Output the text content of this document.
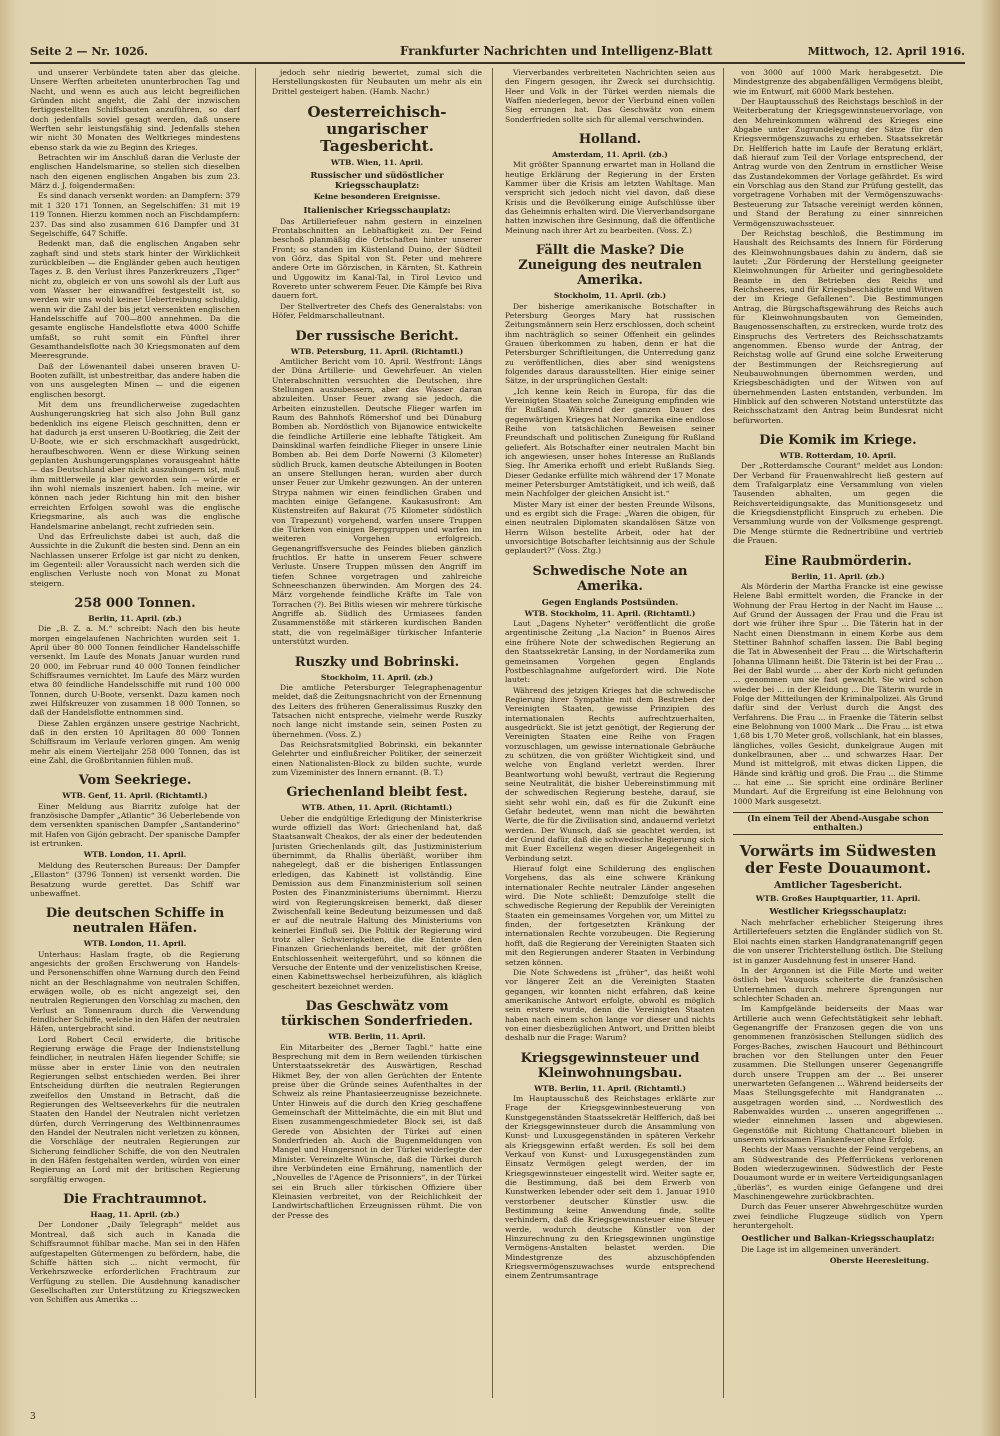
Seite 2 — Nr. 102б.	Frankfurter Nachrichten und Intelligenz-Blatt	Mittwoch, 12. April 1916.

und unserer Verbündete taten aber das gleiche. Unsere Werften arbeiteten ununterbrochen Tag und Nacht, und wenn es auch aus leicht begreiflichen Gründen nicht angeht, die Zahl der inzwischen fertiggestellten Schiffsbauten anzuführen, so darf doch jedenfalls soviel gesagt werden, daß unsere Werften sehr leistungsfähig sind. Jedenfalls stehen wir nicht 30 Monaten des Weltkrieges mindestens ebenso stark da wie zu Beginn des Krieges.

Betrachten wir im Anschluß daran die Verluste der englischen Handelsmarine, so stellen sich dieselben nach den eigenen englischen Angaben bis zum 23. März d. J. folgendermaßen:

Es sind danach versenkt worden: an Dampfern: 379 mit 1 320 171 Tonnen, an Segelschiffen: 31 mit 19 119 Tonnen. Hierzu kommen noch an Fischdampfern: 237. Das sind also zusammen 616 Dampfer und 31 Segelschiffe, 647 Schiffe.

Bedenkt man, daß die englischen Angaben sehr zaghaft sind und stets stark hinter der Wirklichkeit zurückbleiben — die Engländer geben auch heutigen Tages z. B. den Verlust ihres Panzerkreuzers „Tiger“ nicht zu, obgleich er von uns sowohl als der Luft aus vom Wasser her einwandfrei festgestellt ist, so werden wir uns wohl keiner Uebertreibung schuldig, wenn wir die Zahl der bis jetzt versenkten englischen Handelsschiffe auf 700—800 annehmen. Da die gesamte englische Handelsflotte etwa 4000 Schiffe umfaßt, so ruht somit ein Fünftel ihrer Gesamthandelsflotte nach 30 Kriegsmonaten auf dem Meeresgrunde.

Daß der Löwenanteil dabei unseren braven U-Booten zufällt, ist unbestreitbar, das andere haben die von uns ausgelegten Minen — und die eigenen englischen besorgt.

Mit dem uns freundlicherweise zugedachten Aushungerungskrieg hat sich also John Bull ganz bedenklich ins eigene Fleisch geschnitten, denn er hat dadurch ja erst unseren U-Bootkrieg, die Zeit der U-Boote, wie er sich erschmackhaft ausgedrückt, heraufbeschworen. Wenn er diese Wirkung seinen geplanten Aushungerungsplanes vorausgeahnt hätte — das Deutschland aber nicht auszuhungern ist, muß ihm mittlerweile ja klar geworden sein — würde er ihn wohl niemals inszeniert haben. Ich meine, wir können nach jeder Richtung hin mit den bisher erreichten Erfolgen sowohl was die englische Kriegsmarine, als auch was die englische Handelsmarine anbelangt, recht zufrieden sein.

Und das Erfreulichste dabei ist auch, daß die Aussichte in die Zukunft die besten sind. Denn an ein Nachlassen unserer Erfolge ist gar nicht zu denken, im Gegenteil: aller Voraussicht nach werden sich die englischen Verluste noch von Monat zu Monat steigern.

258 000 Tonnen.

Berlin, 11. April. (zb.)

Die „B. Z. a. M.“ schreibt: Nach den bis heute morgen eingelaufenen Nachrichten wurden seit 1. April über 80 000 Tonnen feindlicher Handelsschiffe versenkt. Im Laufe des Monats Januar wurden rund 20 000, im Februar rund 40 000 Tonnen feindlicher Schiffsraumes vernichtet. Im Laufe des März wurden etwa 80 feindliche Handelsschiffe mit rund 100 000 Tonnen, durch U-Boote, versenkt. Dazu kamen noch zwei Hilfskreuzer von zusammen 18 000 Tonnen, so daß der Handelsflotte entnommen sind.

Diese Zahlen ergänzen unsere gestrige Nachricht, daß in den ersten 10 Apriltagen 80 000 Tonnen Schiffsraum im Verlaufe verloren gingen. Am wenig mehr als einem Vierteljahr 258 000 Tonnen, das ist eine Zahl, die Großbritannien fühlen muß.

Vom Seekriege.

WTB. Genf, 11. April. (Richtamtl.)

Einer Meldung aus Biarritz zufolge hat der französische Dampfer „Atlantic“ 36 Ueberlebende von dem versenkten spanischen Dampfer „Santanderino“ mit Hafen von Gijón gebracht. Der spanische Dampfer ist ertrunken.

WTB. London, 11. April.

Meldung des Reuterschen Bureaus: Der Dampfer „Ellaston“ (3796 Tonnen) ist versenkt worden. Die Besatzung wurde gerettet. Das Schiff war unbewaffnet.

Die deutschen Schiffe in neutralen Häfen.

WTB. London, 11. April.

Unterhaus: Haslam fragte, ob die Regierung angesichts der großen Erschwerung von Handels- und Personenschiffen ohne Warnung durch den Feind nicht an der Beschlagnahme von neutralen Schiffen, erwägen wolle, ob es nicht angezeigt sei, den neutralen Regierungen den Vorschlag zu machen, den Verlust an Tonnenraum durch die Verwendung feindlicher Schiffe, welche in den Häfen der neutralen Häfen, untergebracht sind.

Lord Robert Cecil erwiderte, die britische Regierung erwäge die Frage der Indienststellung feindlicher, in neutralen Häfen liegender Schiffe; sie müsse aber in erster Linie von den neutralen Regierungen selbst entschieden werden. Bei ihrer Entscheidung dürften die neutralen Regierungen zweifellos den Umstand in Betracht, daß die Regierungen des Weltseeverkehrs für die neutralen Staaten den Handel der Neutralen nicht verletzen dürfen, durch Verringerung des Weltbinnenraumes den Handel der Neutralen nicht verletzen zu können, die Vorschläge der neutralen Regierungen zur Sicherung feindlicher Schiffe, die von den Neutralen in den Häfen festgehalten werden, würden von einer Regierung an Lord mit der britischen Regierung sorgfältig erwogen.

Die Frachtraumnot.

Haag, 11. April. (zb.)

Der Londoner „Daily Telegraph“ meldet aus Montreal, daß sich auch in Kanada die Schiffsraumnot fühlbar mache. Man sei in den Häfen aufgestapelten Gütermengen zu befördern, habe, die Schiffe hätten sich ... nicht vermocht, für Verkehrszwecke erforderlichen Frachtraum zur Verfügung zu stellen. Die Ausdehnung kanadischer Gesellschaften zur Unterstützung zu Kriegszwecken von Schiffen aus Amerika ...

jedoch sehr niedrig bewertet, zumal sich die Herstellungskosten für Neubauten um mehr als ein Drittel gesteigert haben. (Hamb. Nachr.)

Oesterreichisch-ungarischer Tagesbericht.

WTB. Wien, 11. April.

Russischer und südöstlicher Kriegsschauplatz:

Keine besonderen Ereignisse.

Italienischer Kriegsschauplatz:

Das Artilleriefeuer nahm gestern in einzelnen Frontabschnitten an Lebhaftigkeit zu. Der Feind beschoß planmäßig die Ortschaften hinter unserer Front; so standen im Küstenland Duino, der Südteil von Görz, das Spital von St. Peter und mehrere andere Orte im Görzischen, in Kärnten, St. Kathrein und Uggowitz im Kanal-Tal, in Tirol Levico und Rovereto unter schwerem Feuer. Die Kämpfe bei Riva dauern fort.

Der Stellvertreter des Chefs des Generalstabs: von Höfer, Feldmarschalleutnant.

Der russische Bericht.

WTB. Petersburg, 11. April. (Richtamtl.)

Amtlicher Bericht vom 10. April. Westfront: Längs der Düna Artillerie- und Gewehrfeuer. An vielen Unterabschnitten versuchten die Deutschen, ihre Stellungen auszubessern, aber das Wasser daran abzuleiten. Unser Feuer zwang sie jedoch, die Arbeiten einzustellen. Deutsche Flieger warfen im Raum des Bahnhofs Römershof und bei Dünaburg Bomben ab. Nordöstlich von Bijanowice entwickelte die feindliche Artillerie eine lebhafte Tätigkeit. Am Dainsklinal warfen feindliche Flieger in unsere Linie Bomben ab. Bei dem Dorfe Nowerni (3 Kilometer) südlich Bruck, kamen deutsche Abteilungen in Booten an unsere Stellungen heran, wurden aber durch unser Feuer zur Umkehr gezwungen. An der unteren Strypa nahmen wir einen feindlichen Graben und machten einige Gefangene. Kaukasusfront: Am Küstenstreifen auf Bakurat (75 Kilometer südöstlich von Trapezunt) vorgehend, warfen unsere Truppen die Türken von einigen Berggruppen und warfen im weiteren Vorgehen erfolgreich. Gegenangriffsversuche des Feindes blieben gänzlich fruchtlos. Er hatte in unserem Feuer schwere Verluste. Unsere Truppen müssen den Angriff im tiefen Schnee vorgetragen und zahlreiche Schneeschanzen überwinden. Am Morgen des 24. März vorgehende feindliche Kräfte im Tale von Torrachen (?). Bei Bitlis wiesen wir mehrere türkische Angriffe ab. Südlich des Urmiasees fanden Zusammenstöße mit stärkeren kurdischen Banden statt, die von regelmäßiger türkischer Infanterie unterstützt wurden.

Ruszky und Bobrinski.

Stockholm, 11. April. (zb.)

Die amtliche Petersburger Telegraphenagentur meldet, daß die Zeitungsnachricht von der Ernennung des Leiters des früheren Generalissimus Ruszky den Tatsachen nicht entspreche, vielmehr werde Ruszky noch lange nicht imstande sein, seinen Posten zu übernehmen. (Voss. Z.)

Das Reichsratsmitglied Bobrinski, ein bekannter Gelehrter und einflußreicher Politiker, der seinerzeit einen Nationalisten-Block zu bilden suchte, wurde zum Vizeminister des Innern ernannt. (B. T.)

Griechenland bleibt fest.

WTB. Athen, 11. April. (Richtamtl.)

Ueber die endgültige Erledigung der Ministerkrise wurde offiziell das Wort: Griechenland hat, daß Staatsanwalt Cheakos, der als einer der bedeutenden Juristen Griechenlands gilt, das Justizministerium übernimmt, da Rhallis überläßt, worüber ihm nahegelegt, daß er die bisherigen Entlassungen erledigen, das Kabinett ist vollständig. Eine Demission aus dem Finanzministerium soll seinen Posten des Finanzministeriums übernimmt. Hierzu wird von Regierungskreisen bemerkt, daß dieser Zwischenfall keine Bedeutung beizumessen und daß er auf die neutrale Haltung des Ministeriums von keinerlei Einfluß sei. Die Politik der Regierung wird trotz aller Schwierigkeiten, die die Entente den Finanzen Griechenlands bereitet, mit der größten Entschlossenheit weitergeführt, und so können die Versuche der Entente und der venizelistischen Kreise, einen Kabinettswechsel herbeizuführen, als kläglich gescheitert bezeichnet werden.

Das Geschwätz vom türkischen Sonderfrieden.

WTB. Berlin, 11. April.

Ein Mitarbeiter des „Berner Tagbl.“ hatte eine Besprechung mit dem in Bern weilenden türkischen Unterstaatssekretär des Auswärtigen, Reschad Hikmet Bey, der von allen Gerüchten der Entente preise über die Gründe seines Aufenthaltes in der Schweiz als reine Phantasieerzeugnisse bezeichnete. Unter Hinweis auf die durch den Krieg geschaffene Gemeinschaft der Mittelmächte, die ein mit Blut und Eisen zusammengeschmiedeter Block sei, ist daß Gerede von Absichten der Türkei auf einen Sonderfrieden ab. Auch die Bugenmeldungen von Mangel und Hungersnot in der Türkei widerlegte der Minister. Vereinzelte Wünsche, daß die Türkei durch ihre Verbündeten eine Ernährung, namentlich der „Nouvelles de l'Agence de Prisonniers“, in der Türkei sei ein Bruch aller türkischen Offiziere über Kleinasien verbreitet, von der Reichlichkeit der Landwirtschaftlichen Erzeugnissen rühmt. Die von der Presse des

Vierverbandes verbreiteten Nachrichten seien aus den Fingern gesogen, ihr Zweck sei durchsichtig. Heer und Volk in der Türkei werden niemals die Waffen niederlegen, bevor der Vierbund einen vollen Sieg errungen hat. Das Geschwätz von einem Sonderfrieden sollte sich für allemal verschwinden.

Holland.

Amsterdam, 11. April. (zb.)

Mit größter Spannung erwartet man in Holland die heutige Erklärung der Regierung in der Ersten Kammer über die Krisis am letzten Wahltage. Man verspricht sich jedoch nicht viel davon, daß diese Krisis und die Bevölkerung einige Aufschlüsse über das Geheimnis erhalten wird. Die Vierverbandsorgane hatten inzwischen ihre Gesinnung, daß die öffentliche Meinung nach ihrer Art zu bearbeiten. (Voss. Z.)

Fällt die Maske? Die Zuneigung des neutralen Amerika.

Stockholm, 11. April. (zb.)

Der bisherige amerikanische Botschafter in Petersburg Georges Mary hat russischen Zeitungsmännern sein Herz erschlossen, doch scheint ihm nachträglich so seiner Offenheit ein gelindes Grauen überkommen zu haben, denn er hat die Petersburger Schriftleitungen, die Unterredung ganz zu veröffentlichen, dies aber sind wenigstens folgendes daraus darausstellten. Hier einige seiner Sätze, in der ursprünglichen Gestalt:

„Ich kenne kein Reich in Europa, für das die Vereinigten Staaten solche Zuneigung empfinden wie für Rußland. Während der ganzen Dauer des gegenwärtigen Krieges hat Nordamerika eine endlose Reihe von tatsächlichen Beweisen seiner Freundschaft und politischen Zuneigung für Rußland geliefert. Als Botschafter einer neutralen Macht bin ich angewiesen, unser hohes Interesse an Rußlands Sieg. Ihr Amerika erhofft und erlebt Rußlands Sieg. Dieser Gedanke erfüllte mich während der 17 Monate meiner Petersburger Amtstätigkeit, und ich weiß, daß mein Nachfolger der gleichen Ansicht ist.“

Mister Mary ist einer der besten Freunde Wilsons, und es ergibt sich die Frage: „Waren die obigen, für einen neutralen Diplomaten skandalösen Sätze von Herrn Wilson bestellte Arbeit, oder hat der unvorsichtige Botschafter leichtsinnig aus der Schule geplaudert?“ (Voss. Ztg.)

Schwedische Note an Amerika.
Gegen Englands Postsünden.

WTB. Stockholm, 11. April. (Richtamtl.)

Laut „Dagens Nyheter“ veröffentlicht die große argentinische Zeitung „La Nacion“ in Buenos Aires eine frühere Note der schwedischen Regierung an den Staatssekretär Lansing, in der Nordamerika zum gemeinsamen Vorgehen gegen Englands Postbeschlagnahme aufgefordert wird. Die Note lautet:

Während des jetzigen Krieges hat die schwedische Regierung ihrer Sympathie mit dem Bestreben der Vereinigten Staaten, gewisse Prinzipien des internationalen Rechts aufrechtzuerhalten, ausgedrückt. Sie ist jetzt genötigt, der Regierung der Vereinigten Staaten eine Reihe von Fragen vorzuschlagen, um gewisse internationale Gebräuche zu schützen, die von größter Wichtigkeit sind, und welche von England verletzt werden. Ihrer Beantwortung wohl bewußt, vertraut die Regierung seine Neutralität, die bisher Uebereinstimmung mit der schwedischen Regierung bestehe, darauf, sie sieht sehr wohl ein, daß es für die Zukunft eine Gefahr bedeutet, wenn man nicht die bewährten Werte, die für die Zivilisation sind, andauernd verletzt werden. Der Wunsch, daß sie geachtet werden, ist der Grund dafür, daß die schwedische Regierung sich mit Euer Excellenz wegen dieser Angelegenheit in Verbindung setzt.

Hierauf folgt eine Schilderung des englischen Vorgehens, das als eine schwere Kränkung internationaler Rechte neutraler Länder angesehen wird. Die Note schließt: Demzufolge stellt die schwedische Regierung der Republik der Vereinigten Staaten ein gemeinsames Vorgehen vor, um Mittel zu finden, der fortgesetzten Kränkung der internationalen Rechte vorzubeugen. Die Regierung hofft, daß die Regierung der Vereinigten Staaten sich mit den Regierungen anderer Staaten in Verbindung setzen können.

Die Note Schwedens ist „früher“, das heißt wohl vor längerer Zeit an die Vereinigten Staaten gegangen, wir konnten nicht erfahren, daß keine amerikanische Antwort erfolgte, obwohl es möglich sein erstere wurde, denn die Vereinigten Staaten haben nach einem schon lange vor dieser und nichts von einer diesbezüglichen Antwort, und Dritten bleibt deshalb nur die Frage: Warum?

Kriegsgewinnsteuer und Kleinwohnungsbau.

WTB. Berlin, 11. April. (Richtamtl.)

Im Hauptausschuß des Reichstages erklärte zur Frage der Kriegsgewinnbesteuerung von Kunstgegenständen Staatssekretär Helfferich, daß bei der Kriegsgewinnsteuer durch die Ansammlung von Kunst- und Luxusgegenständen in späteren Verkehr als Kriegsgewinn erfaßt werden. Es soll bei dem Verkauf von Kunst- und Luxusgegenständen zum Einsatz Vermögen gelegt werden, der im Kriegsgewinnsteuer eingestellt wird. Weiter sagte er, die Bestimmung, daß bei dem Erwerb von Kunstwerken lebender oder seit dem 1. Januar 1910 verstorbener deutscher Künstler usw. die Bestimmung keine Anwendung finde, sollte verhindern, daß die Kriegsgewinnsteuer eine Steuer werde, wodurch deutsche Künstler von der Hinzurechnung zu den Kriegsgewinnen ungünstige Vermögens-Anstalten belastet werden. Die Mindestgrenze des abzuschöpfenden Kriegsvermögenszuwachses wurde entsprechend einem Zentrumsantrage

von 3000 auf 1000 Mark herabgesetzt. Die Mindestgrenze des abgabenfälligen Vermögens bleibt, wie im Entwurf, mit 6000 Mark bestehen.

Der Hauptausschuß des Reichstags beschloß in der Weiterberatung der Kriegsgewinnsteuervorlage, von den Mehreinkommen während des Krieges eine Abgabe unter Zugrundelegung der Sätze für den Kriegsvermögenszuwachs zu erheben. Staatssekretär Dr. Helfferich hatte im Laufe der Beratung erklärt, daß hierauf zum Teil der Vorlage entsprechend, der Antrag wurde von den Zentrum in ernstlicher Weise das Zustandekommen der Vorlage gefährdet. Es wird ein Vorschlag aus den Stand zur Prüfung gestellt, das vorgetragene Vorhaben mit der Vermögenszuwachs-Besteuerung zur Tatsache vereinigt werden können, und Stand der Beratung zu einer sinnreichen Vermögenszuwachssteuer.

Der Reichstag beschloß, die Bestimmung im Haushalt des Reichsamts des Innern für Förderung des Kleinwohnungsbaues dahin zu ändern, daß sie lautet: „Zur Förderung der Herstellung geeigneter Kleinwohnungen für Arbeiter und geringbesoldete Beamte in den Betrieben des Reichs und Reichsheeres, und für Kriegsbeschädigte und Witwen der im Kriege Gefallenen“. Die Bestimmungen Antrag, die Bürgschaftsgewährung des Reichs auch für Kleinwohnungsbauten von Gemeinden, Baugenossenschaften, zu erstrecken, wurde trotz des Einspruchs des Vertreters des Reichsschatzamts angenommen. Ebenso wurde der Antrag, der Reichstag wolle auf Grund eine solche Erweiterung der Bestimmungen der Reichsregierung auf Neubauwohnungen übernommen werden, und Kriegsbeschädigten und der Witwen von auf übernehmenden Lasten entstanden, verbunden. Im Hinblick auf den schweren Notstand unterstützte das Reichsschatzamt den Antrag beim Bundesrat nicht befürworten.

Die Komik im Kriege.

WTB. Rotterdam, 10. April.

Der „Rotterdamsche Courant“ meldet aus London: Der Verband für Frauenwahlrecht ließ gestern auf dem Trafalgarplatz eine Versammlung von vielen Tausenden abhalten, um gegen die Reichsverteidigungsakte, das Munitionsgesetz und die Kriegsdienstpflicht Einspruch zu erheben. Die Versammlung wurde von der Volksmenge gesprengt. Die Menge stürmte die Rednertribüne und vertrieb die Frauen.

Eine Raubmörderin.

Berlin, 11. April. (zb.)

Als Mörderin der Martha Francke ist eine gewisse Helene Babl ermittelt worden, die Francke in der Wohnung der Frau Hertog in der Nacht im Hause ... Auf Grund der Aussagen der Frau und die Frau ist dort wie früher ihre Spur ... Die Täterin hat in der Nacht einen Dienstmann in einem Korbe aus dem Stettiner Bahnhof schaffen lassen. Die Babl beging die Tat in Abwesenheit der Frau ... die Wirtschafterin Johanna Ullmann heißt. Die Täterin ist bei der Frau ... Bei der Babl wurde ... aber der Korb nicht gefunden ... genommen um sie fast gewacht. Sie wird schon wieder bei ... in der Kleidung ... Die Täterin wurde in Folge der Mitteilungen der Kriminalpolizei. Als Grund dafür sind der Verlust durch die Angst des Verfahrens. Die Frau ... in Fraenke die Täterin selbst eine Belohnung von 1000 Mark ... Die Frau ... ist etwa 1,68 bis 1,70 Meter groß, vollschlank, hat ein blasses, längliches, volles Gesicht, dunkelgraue Augen mit dunkelbraunen, aber ... und schwarzes Haar. Der Mund ist mittelgroß, mit etwas dicken Lippen, die Hände sind kräftig und groß. Die Frau ... die Stimme ... hat eine ... Sie spricht eine ordinäre Berliner Mundart. Auf die Ergreifung ist eine Belohnung von 1000 Mark ausgesetzt.

(In einem Teil der Abend-Ausgabe schon enthalten.)
Vorwärts im Südwesten der Feste Douaumont.
Amtlicher Tagesbericht.

WTB. Großes Hauptquartier, 11. April.

Westlicher Kriegsschauplatz:

Nach mehrfacher erheblicher Steigerung ihres Artilleriefeuers setzten die Engländer südlich von St. Eloi nachts einen starken Handgranatenangriff gegen die von unserer Trichterstellung östlich. Die Stellung ist in ganzer Ausdehnung fest in unserer Hand.

In der Argonnen ist die Fille Morte und weiter östlich bei Vauquois scheiterte die französischen Unternehmen durch mehrere Sprengungen nur schlechter Schaden an.

Im Kampfgelände beiderseits der Maas war Artillerie auch wenn Gefechtstätigkeit sehr lebhaft. Gegenangriffe der Franzosen gegen die von uns genommenen französischen Stellungen südlich des Forges-Baches, zwischen Haucourt und Béthincourt brachen vor den Stellungen unter den Feuer zusammen. Die Stellungen unserer Gegenangriffe durch unsere Truppen am der ... Bei unserer unerwarteten Gefangenen ... Während beiderseits der Maas Stellungsgefechte mit Handgranaten ... ausgetragen worden sind, ... Nordwestlich des Rabenwaldes wurden ... unseren angegriffenen ... wieder einnehmen lassen und abgewiesen. Gegenstöße mit Richtung Chattancourt blieben in unserem wirksamen Flankenfeuer ohne Erfolg.

Rechts der Maas versuchte der Feind vergebens, an am Südwestrande des Pfefferrückens verlorenen Boden wiederzugewinnen. Südwestlich der Feste Douaumont wurde er in weitere Verteidigungsanlagen „überläs“, es wurden einige Gefangene und drei Maschinengewehre zurückbrachten.

Durch das Feuer unserer Abwehrgeschütze wurden zwei feindliche Flugzeuge südlich von Ypern heruntergeholt.

Oestlicher und Balkan-Kriegsschauplatz:

Die Lage ist im allgemeinen unverändert.

Oberste Heeresleitung.

3
